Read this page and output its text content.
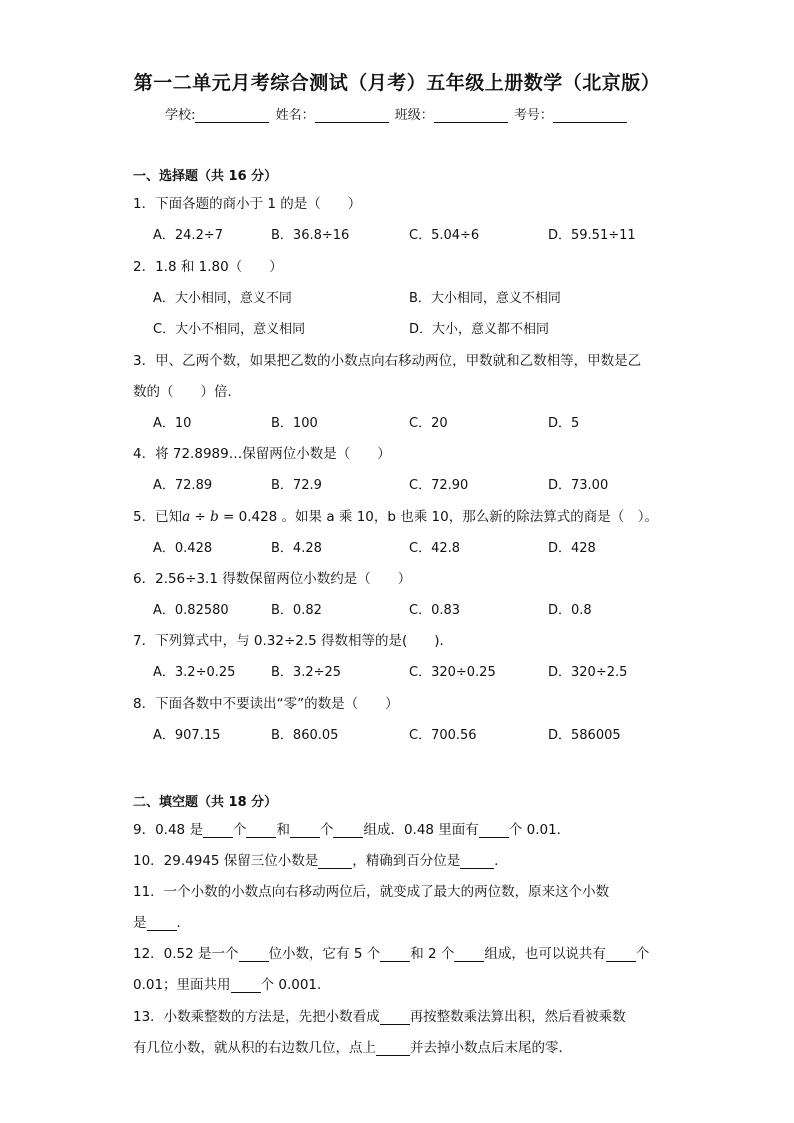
第一二单元月考综合测试（月考）五年级上册数学（北京版）
学校:	姓名：	班级：	考号：
一、选择题（共 16 分）
1．下面各题的商小于 1 的是（　　）
A．24.2÷7	B．36.8÷16	C．5.04÷6	D．59.51÷11
2．1.8 和 1.80（　　）
A．大小相同，意义不同	B．大小相同，意义不相同
C．大小不相同，意义相同	D．大小，意义都不相同
3．甲、乙两个数，如果把乙数的小数点向右移动两位，甲数就和乙数相等，甲数是乙
数的（　　）倍．
A．10	B．100	C．20	D．5
4．将 72.8989…保留两位小数是（　　）
A．72.89	B．72.9	C．72.90	D．73.00
5．已知a ÷ b = 0.428 。如果 a 乘 10，b 也乘 10，那么新的除法算式的商是（　）。
A．0.428	B．4.28	C．42.8	D．428
6．2.56÷3.1 得数保留两位小数约是（　　）
A．0.82580	B．0.82	C．0.83	D．0.8
7．下列算式中，与 0.32÷2.5 得数相等的是(　　)．
A．3.2÷0.25	B．3.2÷25	C．320÷0.25	D．320÷2.5
8．下面各数中不要读出“零”的数是（　　）
A．907.15	B．860.05	C．700.56	D．586005
二、填空题（共 18 分）
9．0.48 是 个 和 个 组成．0.48 里面有 个 0.01．
10．29.4945 保留三位小数是	，精确到百分位是	．
11．一个小数的小数点向右移动两位后，就变成了最大的两位数，原来这个小数
是 ．
12．0.52 是一个 位小数，它有 5 个 和 2 个 组成，也可以说共有 个
0.01；里面共用 个 0.001．
13．小数乘整数的方法是，先把小数看成 再按整数乘法算出积，然后看被乘数
有几位小数，就从积的右边数几位，点上	并去掉小数点后末尾的零．
